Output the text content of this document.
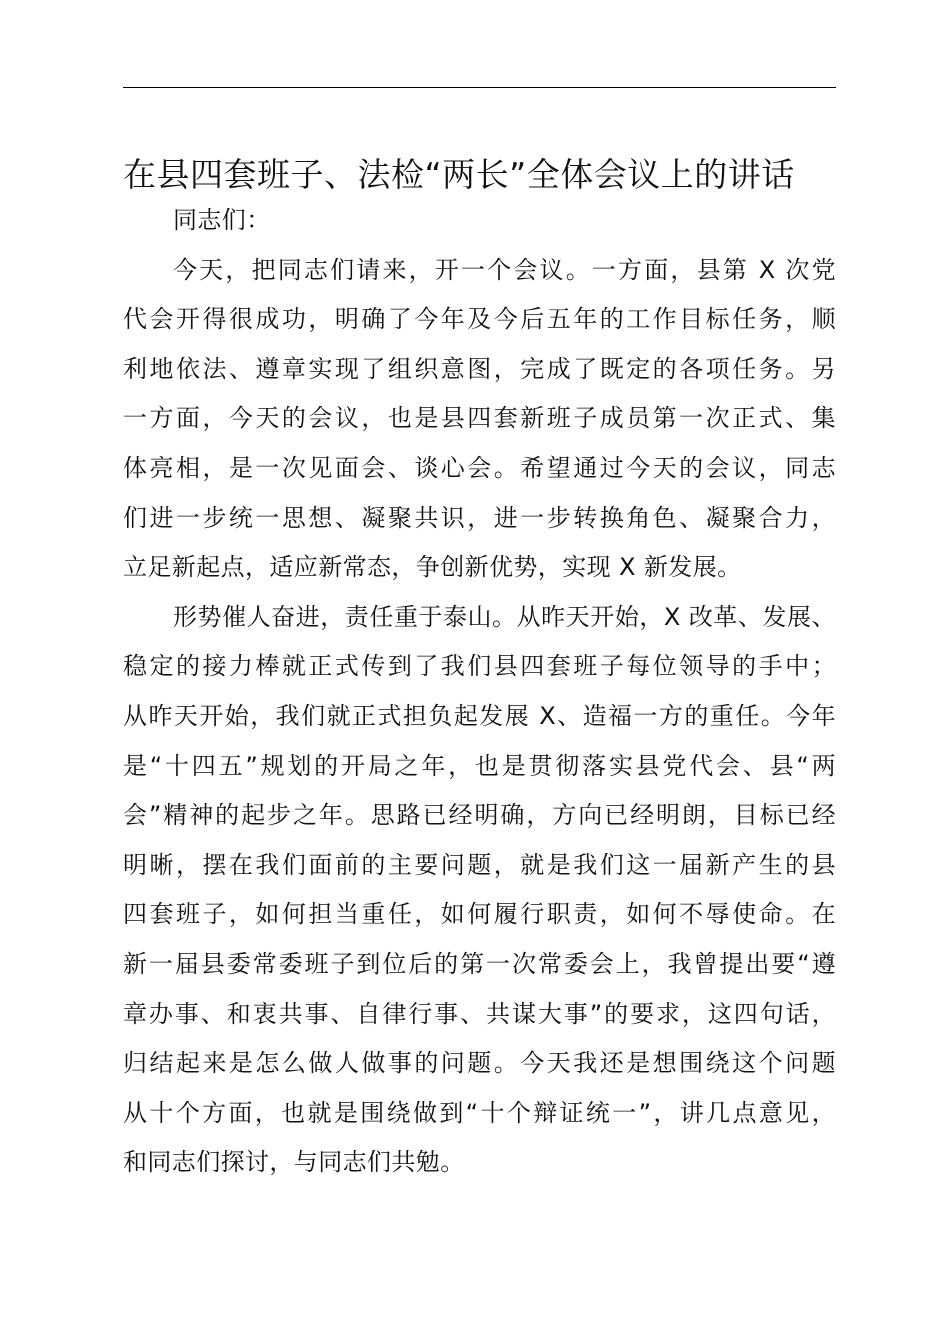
在县四套班子、法检“两长”全体会议上的讲话

同志们：

今天，把同志们请来，开一个会议。一方面，县第 X 次党
代会开得很成功，明确了今年及今后五年的工作目标任务，顺
利地依法、遵章实现了组织意图，完成了既定的各项任务。另
一方面，今天的会议，也是县四套新班子成员第一次正式、集
体亮相，是一次见面会、谈心会。希望通过今天的会议，同志
们进一步统一思想、凝聚共识，进一步转换角色、凝聚合力，
立足新起点，适应新常态，争创新优势，实现 X 新发展。

形势催人奋进，责任重于泰山。从昨天开始，X 改革、发展、
稳定的接力棒就正式传到了我们县四套班子每位领导的手中；
从昨天开始，我们就正式担负起发展 X、造福一方的重任。今年
是“十四五”规划的开局之年，也是贯彻落实县党代会、县“两
会”精神的起步之年。思路已经明确，方向已经明朗，目标已经
明晰，摆在我们面前的主要问题，就是我们这一届新产生的县
四套班子，如何担当重任，如何履行职责，如何不辱使命。在
新一届县委常委班子到位后的第一次常委会上，我曾提出要“遵
章办事、和衷共事、自律行事、共谋大事”的要求，这四句话，
归结起来是怎么做人做事的问题。今天我还是想围绕这个问题
从十个方面，也就是围绕做到“十个辩证统一”，讲几点意见，
和同志们探讨，与同志们共勉。
